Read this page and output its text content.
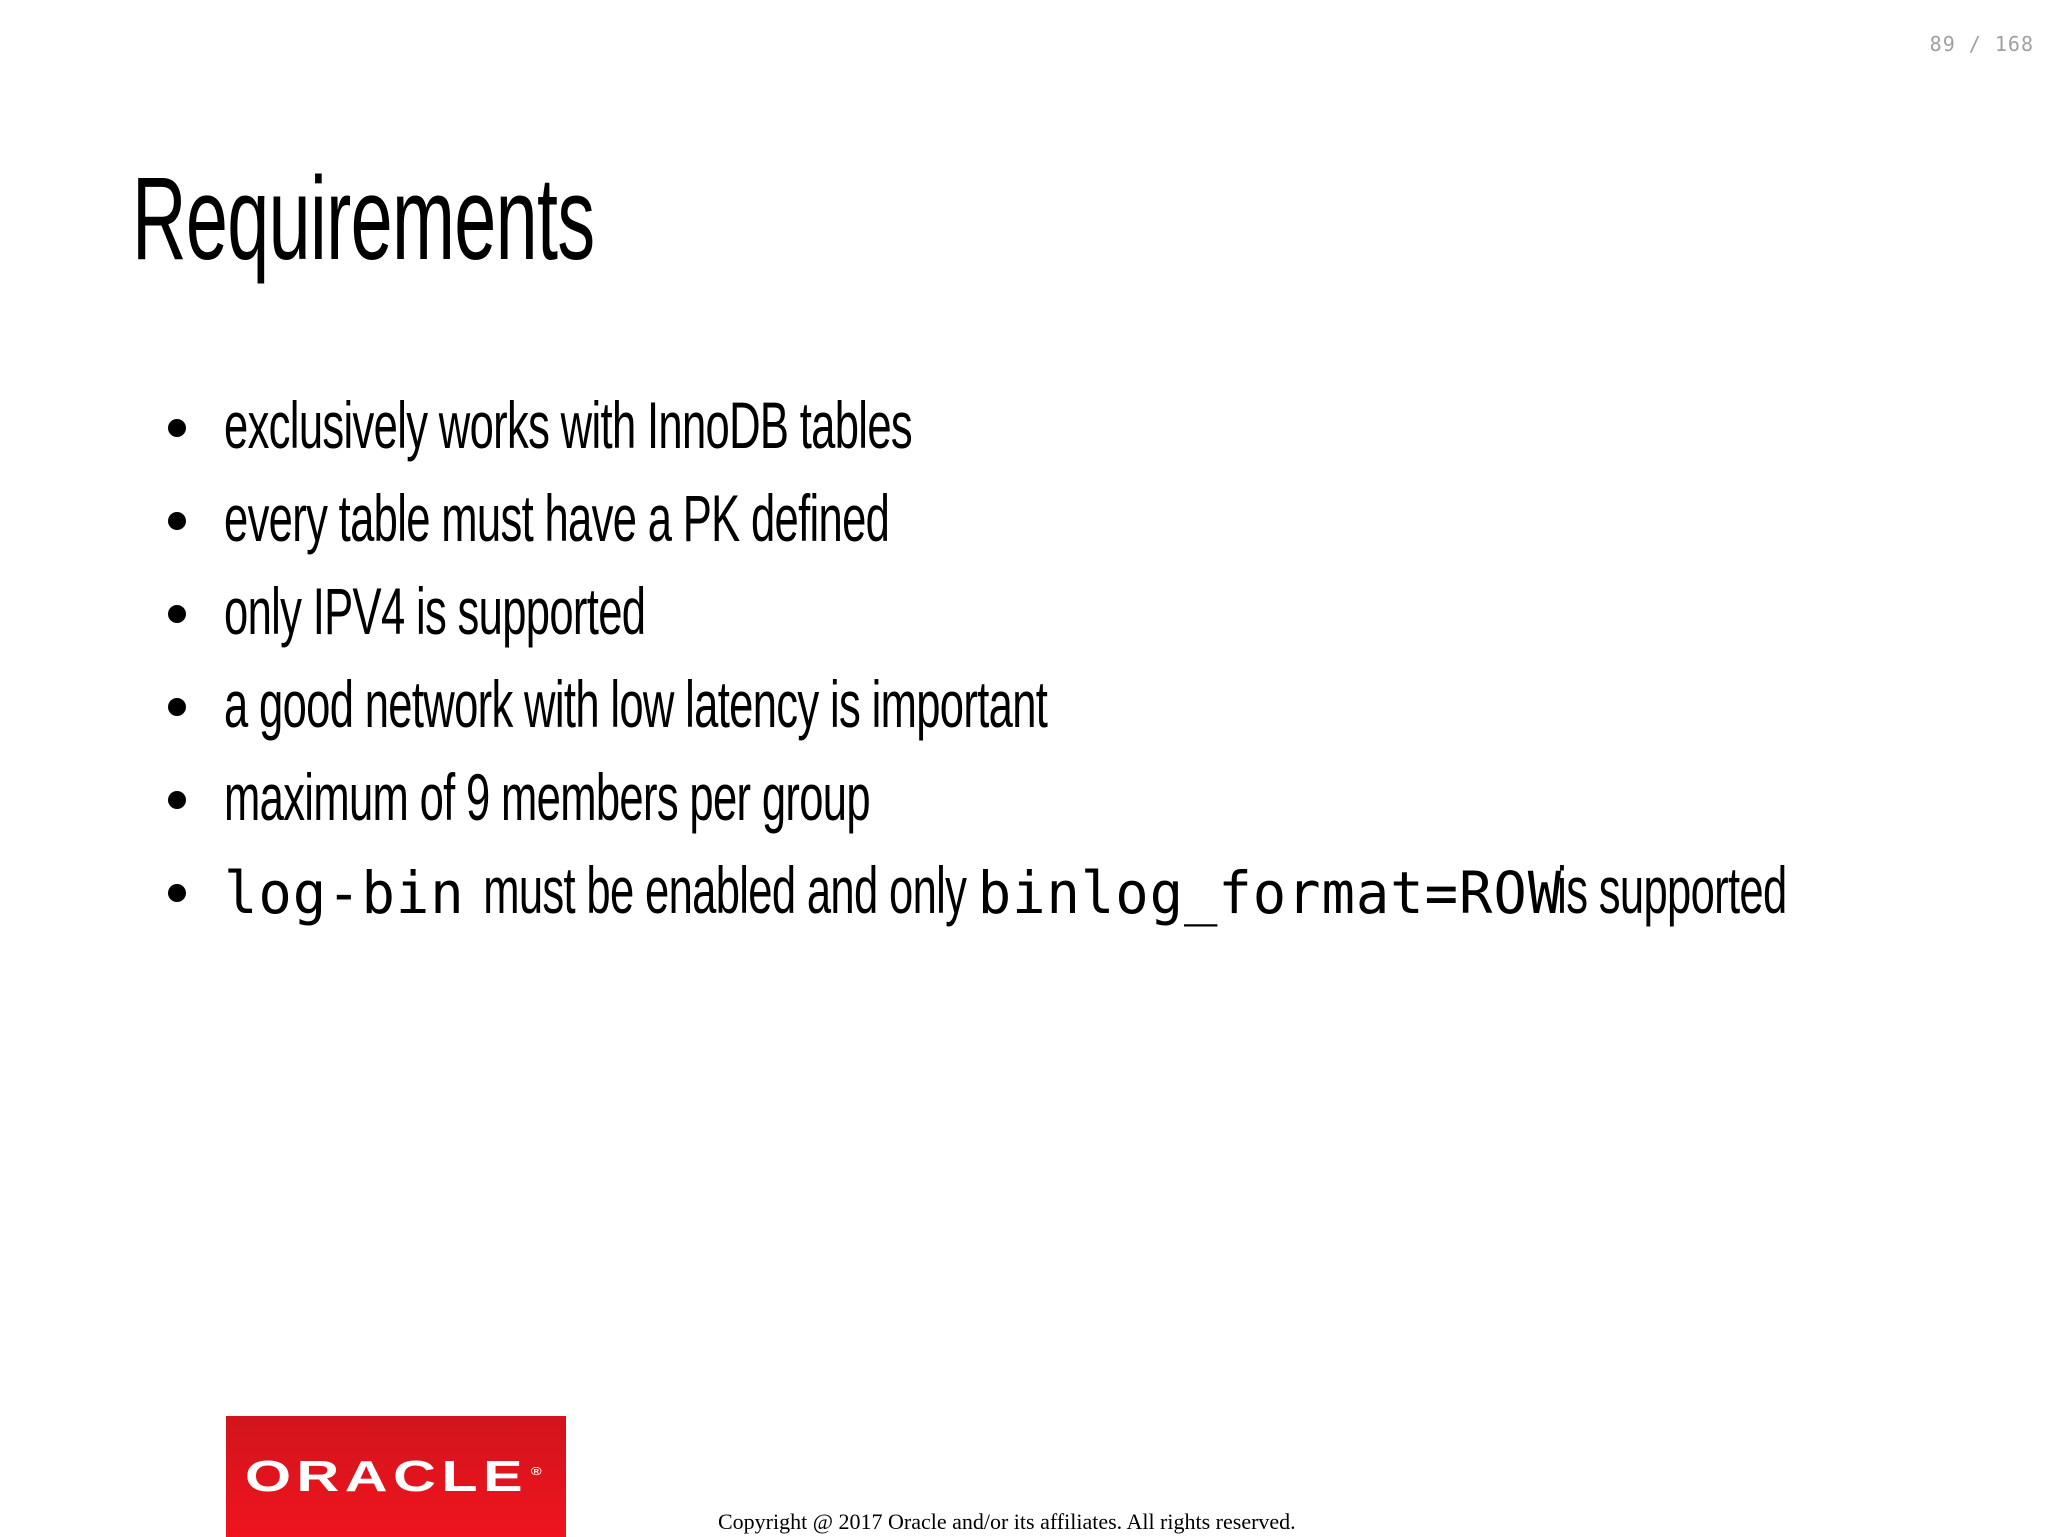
89 / 168
Requirements
exclusively works with InnoDB tables
every table must have a PK defined
only IPV4 is supported
a good network with low latency is important
maximum of 9 members per group
log-bin must be enabled and only binlog_format=ROW is supported
ORACLE ®
Copyright @ 2017 Oracle and/or its affiliates. All rights reserved.
